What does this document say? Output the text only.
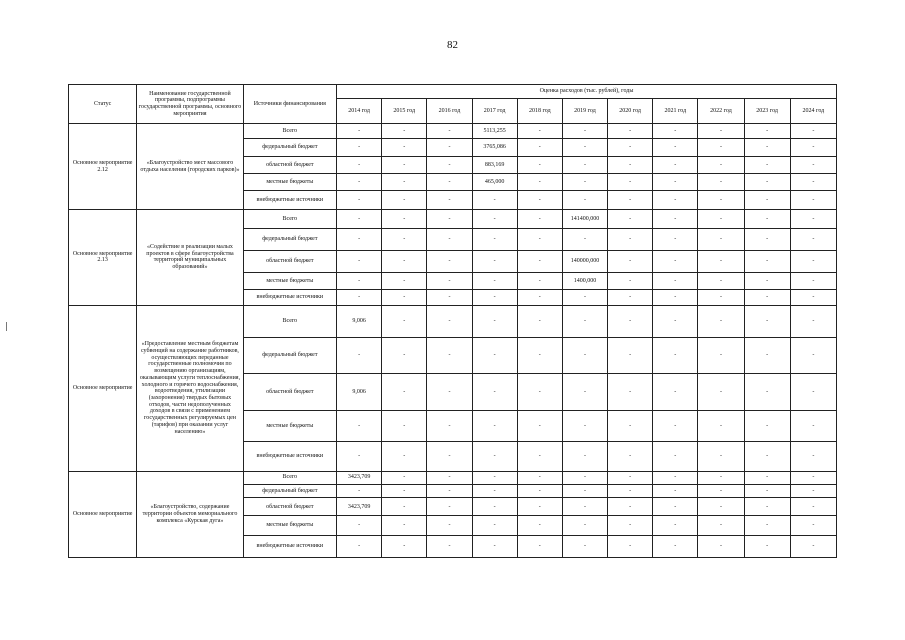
82
Статус	Наименование государственной программы, подпрограммы государственной программы, основного мероприятия	Источники финансирования	Оценка расходов (тыс. рублей), годы										
			2014 год	2015 год	2016 год	2017 год	2018 год	2019 год	2020 год	2021 год	2022 год	2023 год	2024 год
Основное мероприятие 2.12	«Благоустройство мест массового отдыха населения (городских парков)»	Всего	-	-	-	5113,255	-	-	-	-	-	-	-
		федеральный бюджет	-	-	-	3765,086	-	-	-	-	-	-	-
		областной бюджет	-	-	-	883,169	-	-	-	-	-	-	-
		местные бюджеты	-	-	-	465,000	-	-	-	-	-	-	-
		внебюджетные источники	-	-	-	-	-	-	-	-	-	-	-
Основное мероприятие 2.13	«Содействие в реализации малых проектов в сфере благоустройства территорий муниципальных образований»	Всего	-	-	-	-	-	141400,000	-	-	-	-	-
		федеральный бюджет	-	-	-	-	-	-	-	-	-	-	-
		областной бюджет	-	-	-	-	-	140000,000	-	-	-	-	-
		местные бюджеты	-	-	-	-	-	1400,000	-	-	-	-	-
		внебюджетные источники	-	-	-	-	-	-	-	-	-	-	-
Основное мероприятие	«Предоставление местным бюджетам субвенций на содержание работников, осуществляющих переданные государственные полномочия по возмещению организациям, оказывающим услуги теплоснабжения, холодного и горячего водоснабжения, водоотведения, утилизации (захоронения) твердых бытовых отходов, части недополученных доходов в связи с применением государственных регулируемых цен (тарифов) при оказании услуг населению»	Всего	9,006	-	-	-	-	-	-	-	-	-	-
		федеральный бюджет	-	-	-	-	-	-	-	-	-	-	-
		областной бюджет	9,006	-	-	-	-	-	-	-	-	-	-
		местные бюджеты	-	-	-	-	-	-	-	-	-	-	-
		внебюджетные источники	-	-	-	-	-	-	-	-	-	-	-
Основное мероприятие	«Благоустройство, содержание территории объектов мемориального комплекса «Курская дуга»	Всего	3423,709	-	-	-	-	-	-	-	-	-	-
		федеральный бюджет	-	-	-	-	-	-	-	-	-	-	-
		областной бюджет	3423,709	-	-	-	-	-	-	-	-	-	-
		местные бюджеты	-	-	-	-	-	-	-	-	-	-	-
		внебюджетные источники	-	-	-	-	-	-	-	-	-	-	-
